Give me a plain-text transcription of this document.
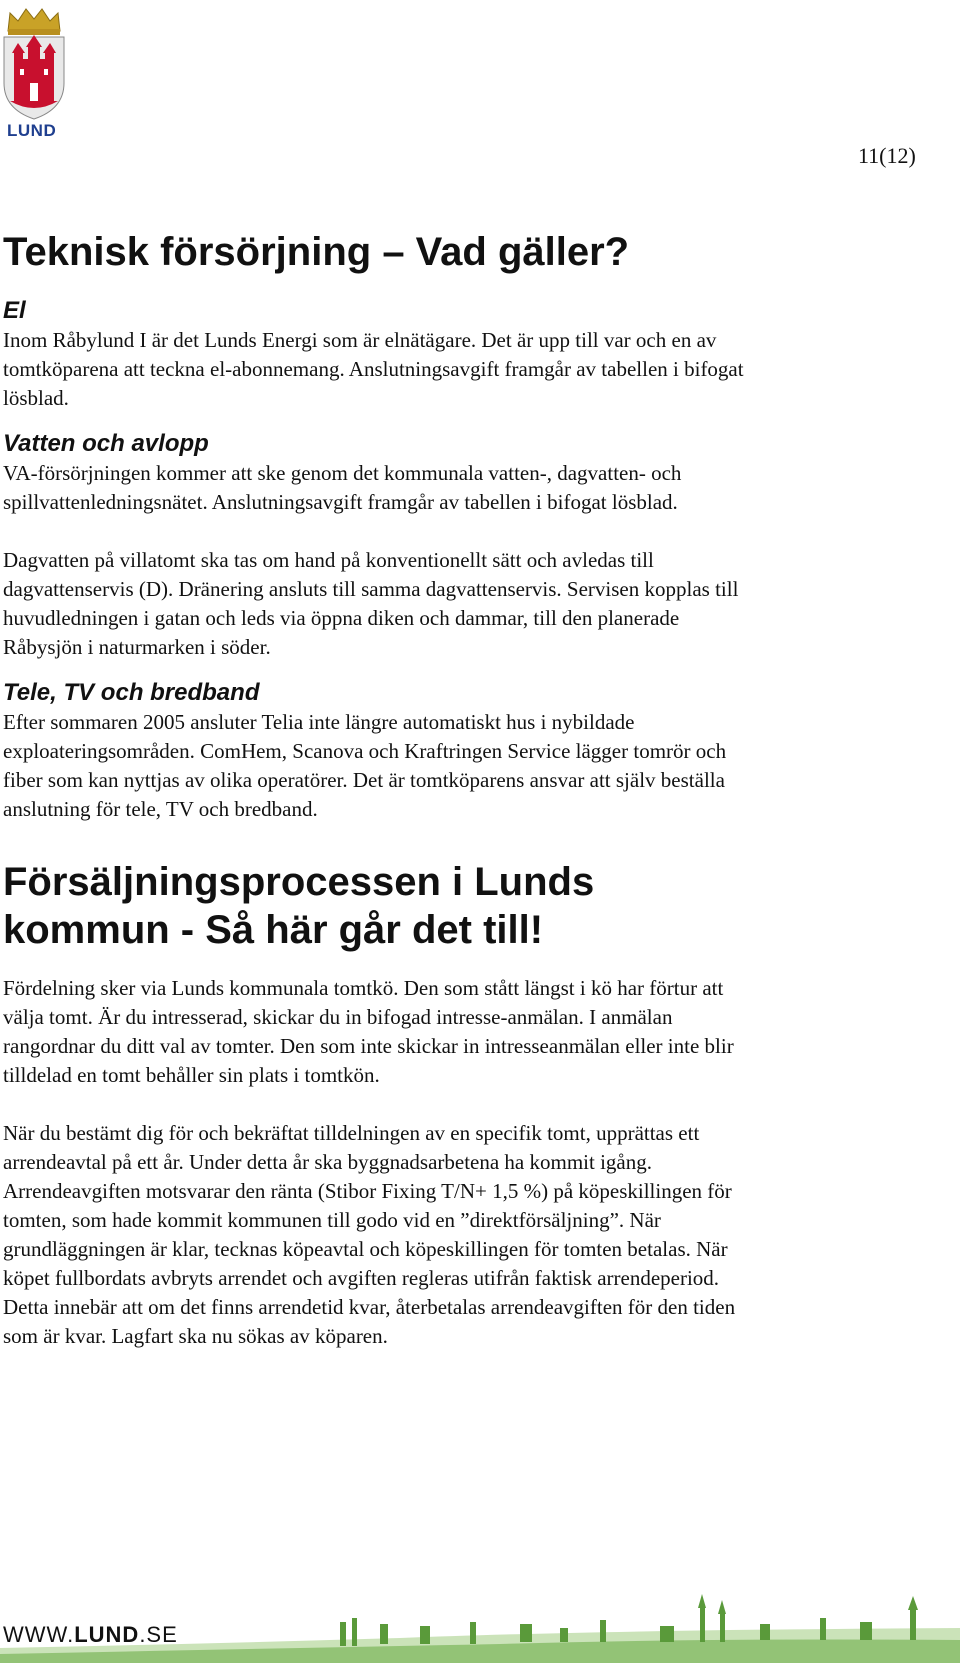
LUND
11(12)
Teknisk försörjning – Vad gäller?
El

Inom Råbylund I är det Lunds Energi som är elnätägare. Det är upp till var och en av tomtköparena att teckna el-abonnemang. Anslutningsavgift framgår av tabellen i bifogat lösblad.

Vatten och avlopp

VA-försörjningen kommer att ske genom det kommunala vatten-, dagvatten- och spillvattenledningsnätet. Anslutningsavgift framgår av tabellen i bifogat lösblad.

Dagvatten på villatomt ska tas om hand på konventionellt sätt och avledas till dagvattenservis (D). Dränering ansluts till samma dagvattenservis. Servisen kopplas till huvudledningen i gatan och leds via öppna diken och dammar, till den planerade Råbysjön i naturmarken i söder.

Tele, TV och bredband

Efter sommaren 2005 ansluter Telia inte längre automatiskt hus i nybildade exploateringsområden. ComHem, Scanova och Kraftringen Service lägger tomrör och fiber som kan nyttjas av olika operatörer. Det är tomtköparens ansvar att själv beställa anslutning för tele, TV och bredband.

Försäljningsprocessen i Lunds
kommun - Så här går det till!

Fördelning sker via Lunds kommunala tomtkö. Den som stått längst i kö har förtur att välja tomt. Är du intresserad, skickar du in bifogad intresse-anmälan. I anmälan rangordnar du ditt val av tomter. Den som inte skickar in intresseanmälan eller inte blir tilldelad en tomt behåller sin plats i tomtkön.

När du bestämt dig för och bekräftat tilldelningen av en specifik tomt, upprättas ett arrendeavtal på ett år. Under detta år ska byggnadsarbetena ha kommit igång. Arrendeavgiften motsvarar den ränta (Stibor Fixing T/N+ 1,5 %) på köpeskillingen för tomten, som hade kommit kommunen till godo vid en ”direktförsäljning”. När grundläggningen är klar, tecknas köpeavtal och köpeskillingen för tomten betalas. När köpet fullbordats avbryts arrendet och avgiften regleras utifrån faktisk arrendeperiod. Detta innebär att om det finns arrendetid kvar, återbetalas arrendeavgiften för den tiden som är kvar. Lagfart ska nu sökas av köparen.

WWW.LUND.SE
